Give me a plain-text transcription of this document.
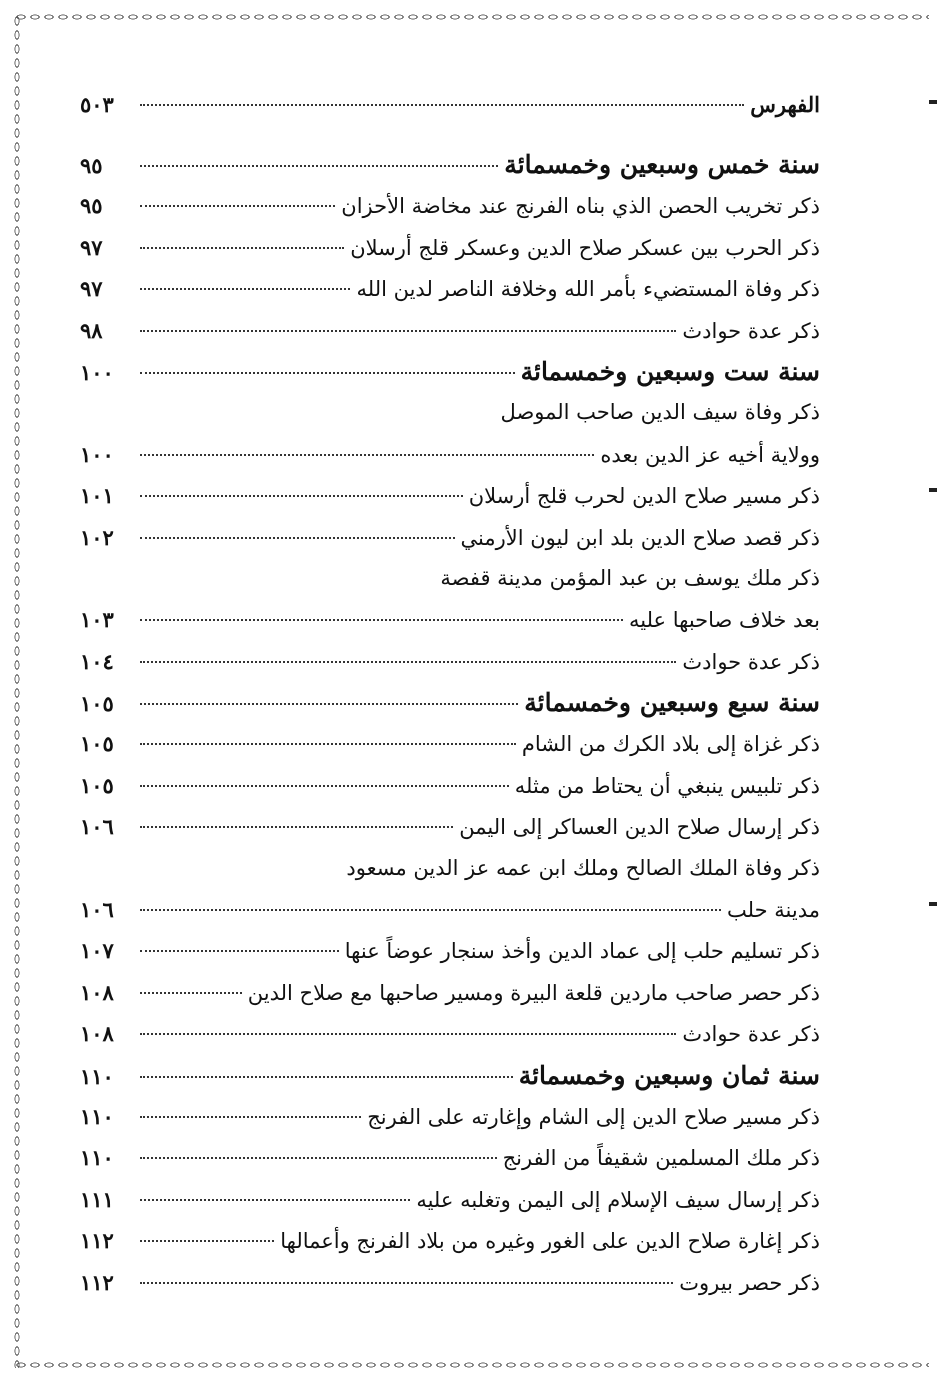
الفهرس
٥٠٣
سنة خمس وسبعين وخمسمائة
٩٥
ذكر تخريب الحصن الذي بناه الفرنج عند مخاضة الأحزان
٩٥
ذكر الحرب بين عسكر صلاح الدين وعسكر قلج أرسلان
٩٧
ذكر وفاة المستضيء بأمر الله وخلافة الناصر لدين الله
٩٧
ذكر عدة حوادث
٩٨
سنة ست وسبعين وخمسمائة
١٠٠
ذكر وفاة سيف الدين صاحب الموصل
وولاية أخيه عز الدين بعده
١٠٠
ذكر مسير صلاح الدين لحرب قلج أرسلان
١٠١
ذكر قصد صلاح الدين بلد ابن ليون الأرمني
١٠٢
ذكر ملك يوسف بن عبد المؤمن مدينة قفصة
بعد خلاف صاحبها عليه
١٠٣
ذكر عدة حوادث
١٠٤
سنة سبع وسبعين وخمسمائة
١٠٥
ذكر غزاة إلى بلاد الكرك من الشام
١٠٥
ذكر تلبيس ينبغي أن يحتاط من مثله
١٠٥
ذكر إرسال صلاح الدين العساكر إلى اليمن
١٠٦
ذكر وفاة الملك الصالح وملك ابن عمه عز الدين مسعود
مدينة حلب
١٠٦
ذكر تسليم حلب إلى عماد الدين وأخذ سنجار عوضاً عنها
١٠٧
ذكر حصر صاحب ماردين قلعة البيرة ومسير صاحبها مع صلاح الدين
١٠٨
ذكر عدة حوادث
١٠٨
سنة ثمان وسبعين وخمسمائة
١١٠
ذكر مسير صلاح الدين إلى الشام وإغارته على الفرنج
١١٠
ذكر ملك المسلمين شقيفاً من الفرنج
١١٠
ذكر إرسال سيف الإسلام إلى اليمن وتغلبه عليه
١١١
ذكر إغارة صلاح الدين على الغور وغيره من بلاد الفرنج وأعمالها
١١٢
ذكر حصر بيروت
١١٢
